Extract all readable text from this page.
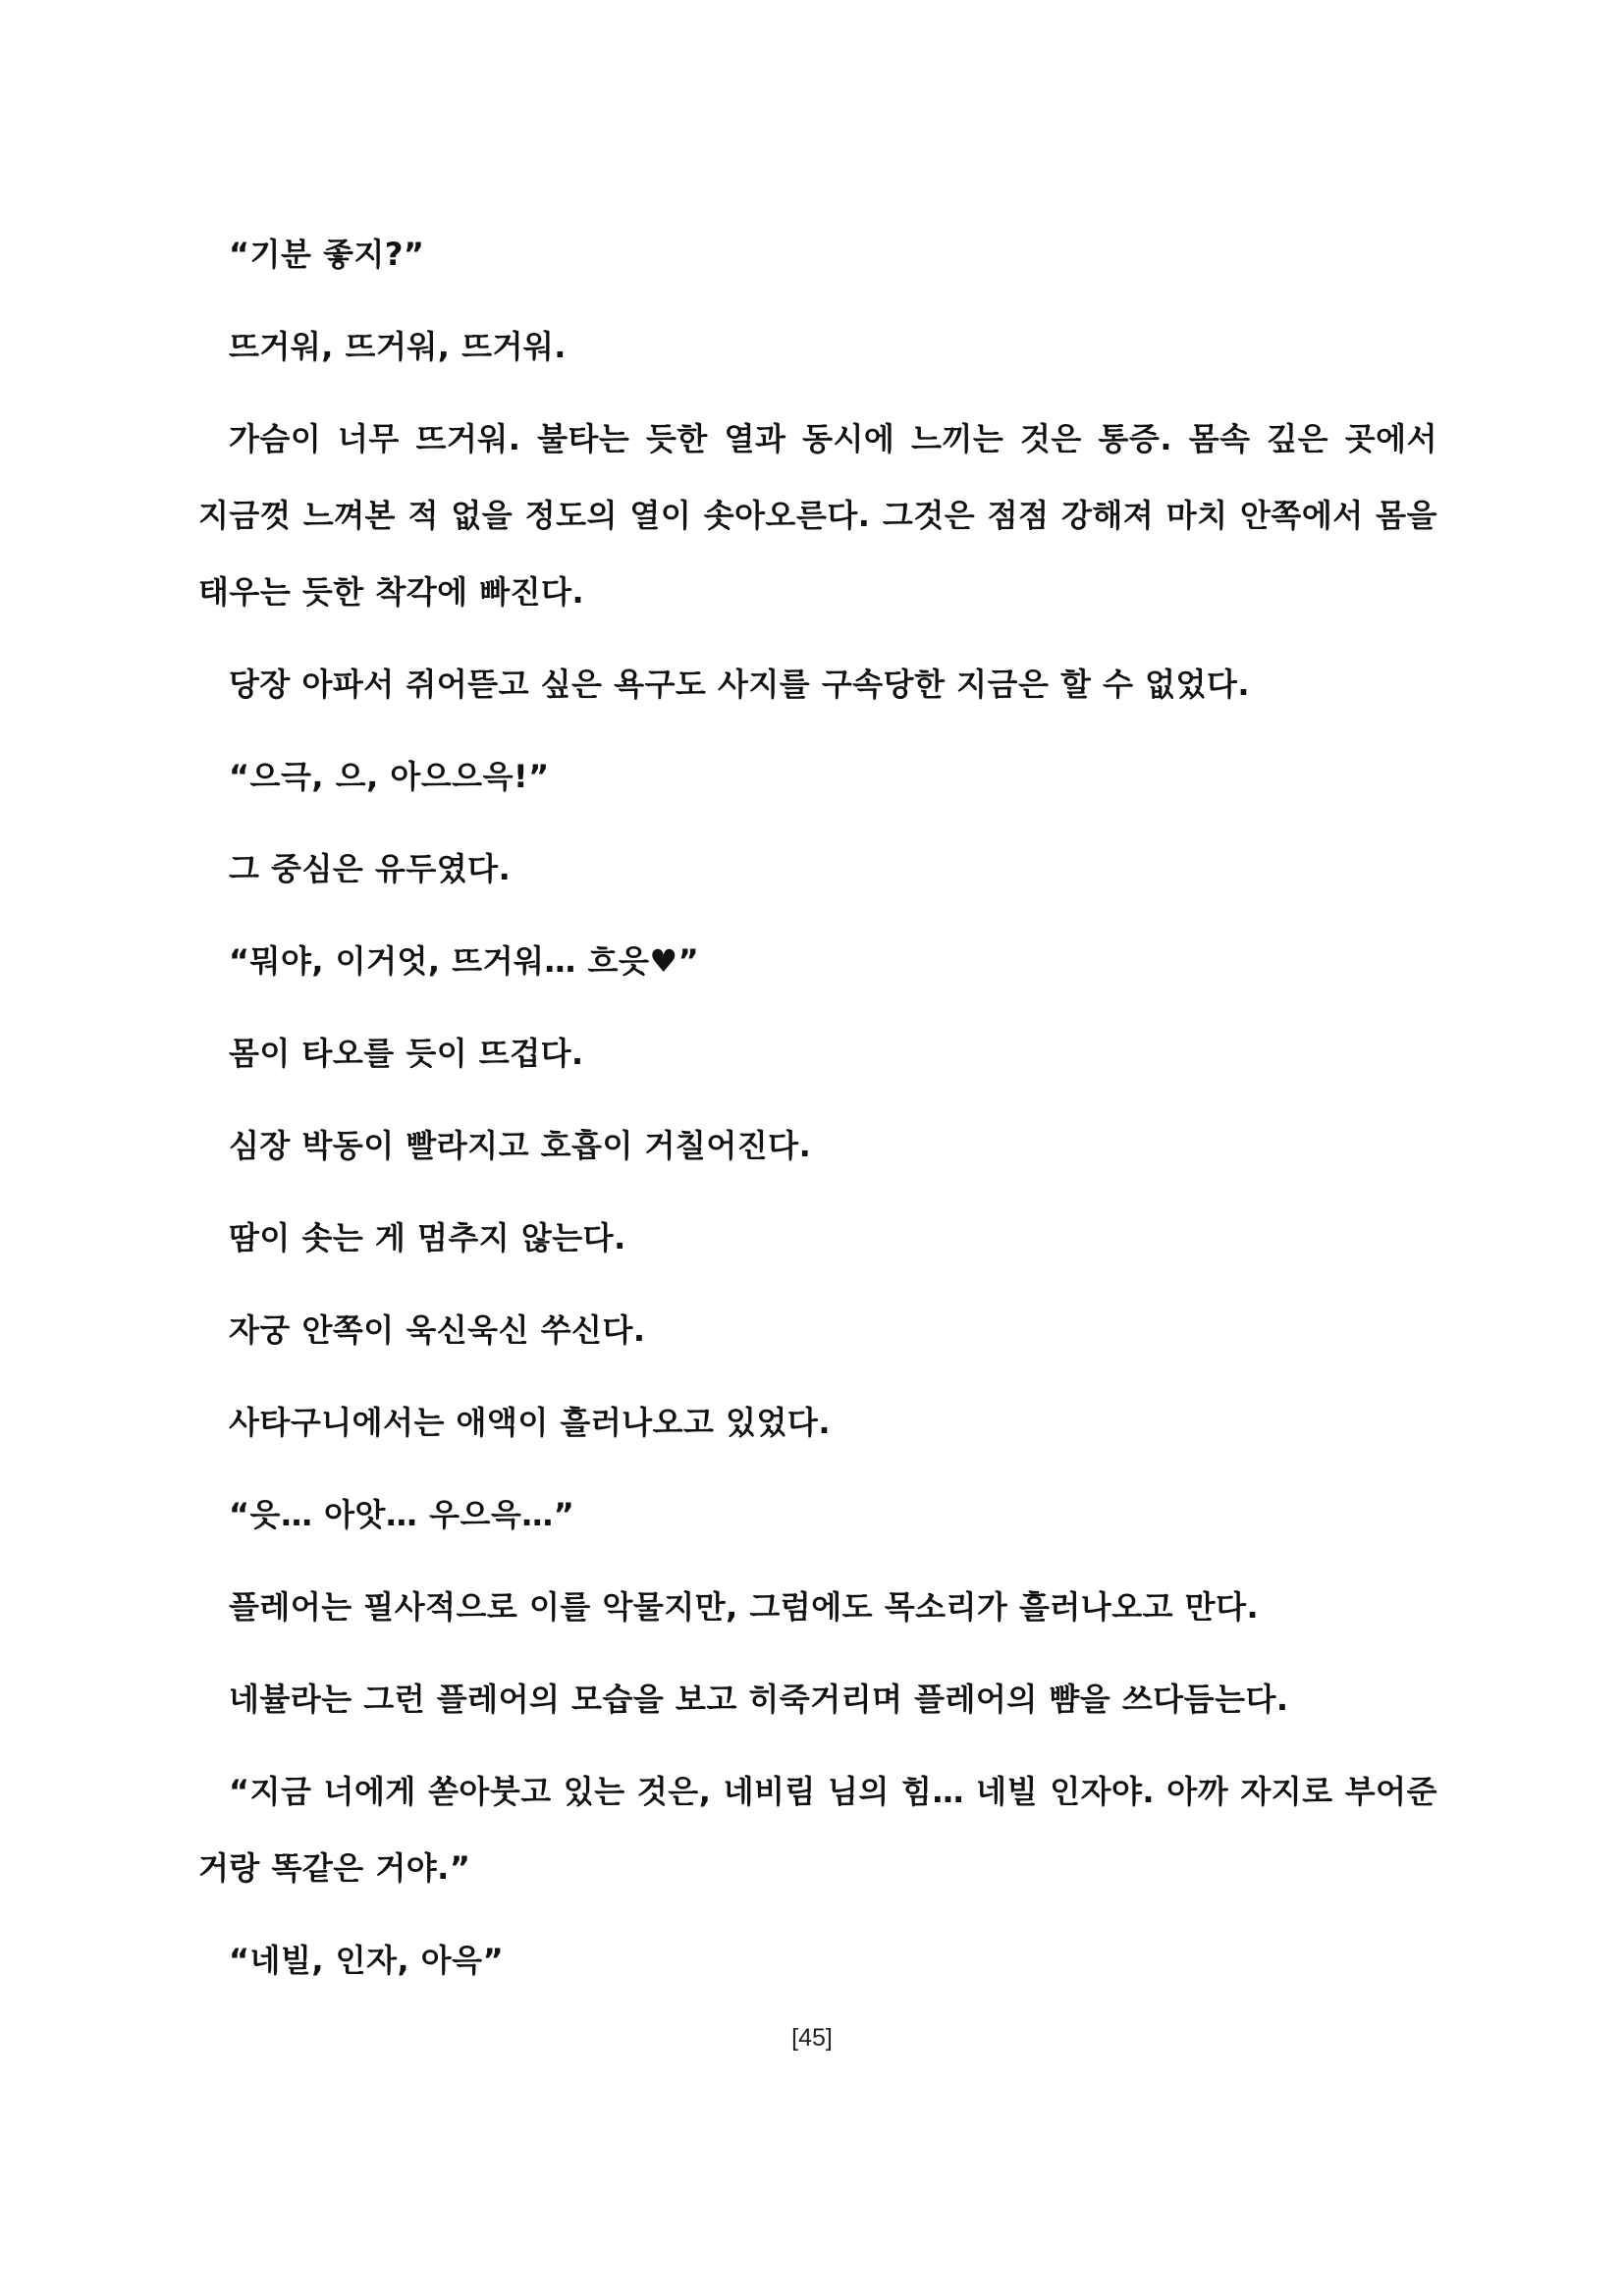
“기분 좋지?”

뜨거워, 뜨거워, 뜨거워.

가슴이 너무 뜨거워. 불타는 듯한 열과 동시에 느끼는 것은 통증. 몸속 깊은 곳에서 지금껏 느껴본 적 없을 정도의 열이 솟아오른다. 그것은 점점 강해져 마치 안쪽에서 몸을 태우는 듯한 착각에 빠진다.

당장 아파서 쥐어뜯고 싶은 욕구도 사지를 구속당한 지금은 할 수 없었다.

“으극, 으, 아으으윽!”

그 중심은 유두였다.

“뭐야, 이거엇, 뜨거워… 흐읏♥”

몸이 타오를 듯이 뜨겁다.

심장 박동이 빨라지고 호흡이 거칠어진다.

땀이 솟는 게 멈추지 않는다.

자궁 안쪽이 욱신욱신 쑤신다.

사타구니에서는 애액이 흘러나오고 있었다.

“읏… 아앗… 우으윽…”

플레어는 필사적으로 이를 악물지만, 그럼에도 목소리가 흘러나오고 만다.

네뷸라는 그런 플레어의 모습을 보고 히죽거리며 플레어의 뺨을 쓰다듬는다.

“지금 너에게 쏟아붓고 있는 것은, 네비림 님의 힘… 네빌 인자야. 아까 자지로 부어준 거랑 똑같은 거야.”

“네빌, 인자, 아윽”

[45]
